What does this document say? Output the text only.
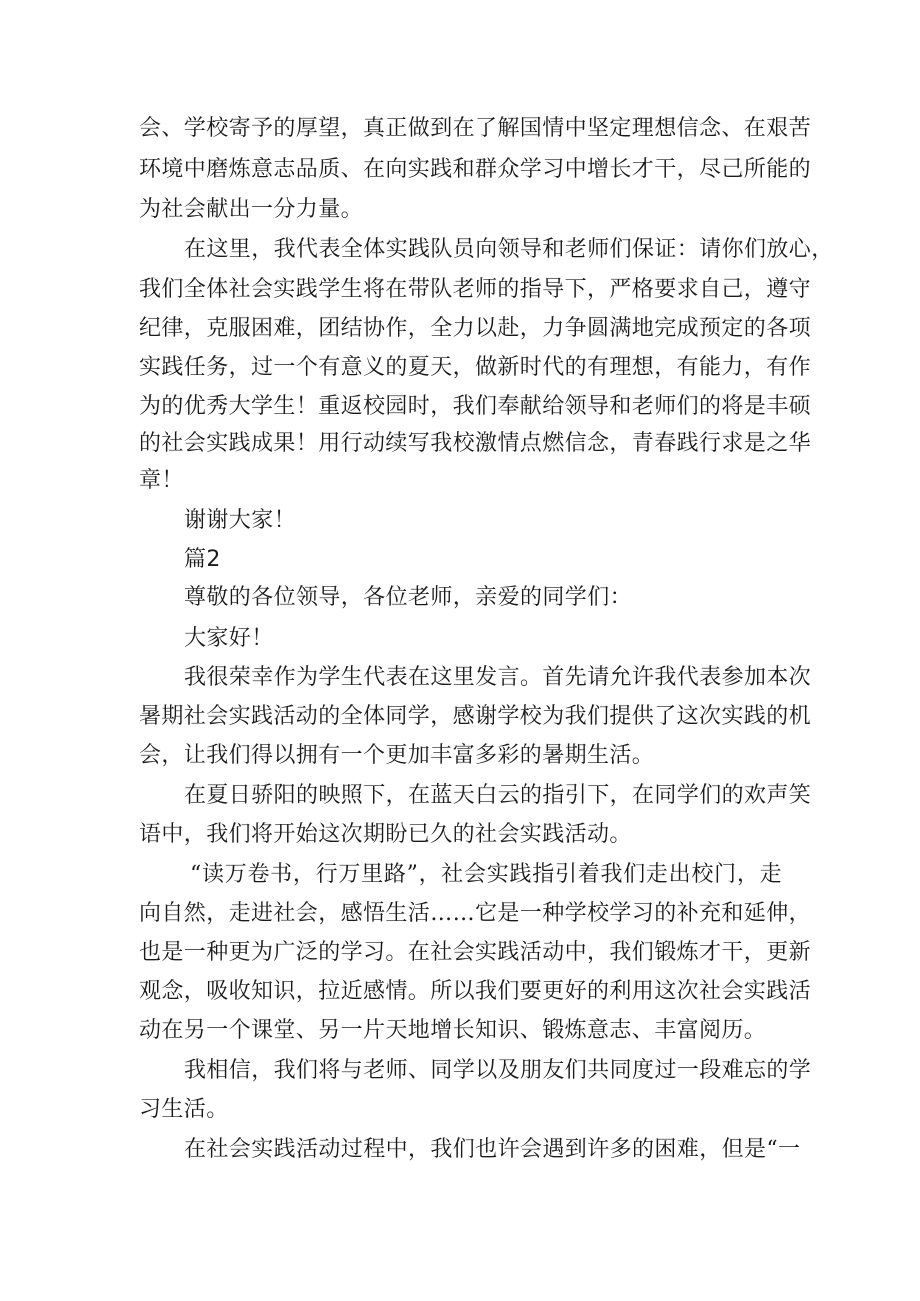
会、学校寄予的厚望，真正做到在了解国情中坚定理想信念、在艰苦
环境中磨炼意志品质、在向实践和群众学习中增长才干，尽己所能的
为社会献出一分力量。
在这里，我代表全体实践队员向领导和老师们保证：请你们放心，
我们全体社会实践学生将在带队老师的指导下，严格要求自己，遵守
纪律，克服困难，团结协作，全力以赴，力争圆满地完成预定的各项
实践任务，过一个有意义的夏天，做新时代的有理想，有能力，有作
为的优秀大学生！重返校园时，我们奉献给领导和老师们的将是丰硕
的社会实践成果！用行动续写我校激情点燃信念，青春践行求是之华
章！
谢谢大家！
篇2
尊敬的各位领导，各位老师，亲爱的同学们：
大家好！
我很荣幸作为学生代表在这里发言。首先请允许我代表参加本次
暑期社会实践活动的全体同学，感谢学校为我们提供了这次实践的机
会，让我们得以拥有一个更加丰富多彩的暑期生活。
在夏日骄阳的映照下，在蓝天白云的指引下，在同学们的欢声笑
语中，我们将开始这次期盼已久的社会实践活动。
“读万卷书，行万里路”，社会实践指引着我们走出校门，走
向自然，走进社会，感悟生活……它是一种学校学习的补充和延伸，
也是一种更为广泛的学习。在社会实践活动中，我们锻炼才干，更新
观念，吸收知识，拉近感情。所以我们要更好的利用这次社会实践活
动在另一个课堂、另一片天地增长知识、锻炼意志、丰富阅历。
我相信，我们将与老师、同学以及朋友们共同度过一段难忘的学
习生活。
在社会实践活动过程中，我们也许会遇到许多的困难，但是“一
